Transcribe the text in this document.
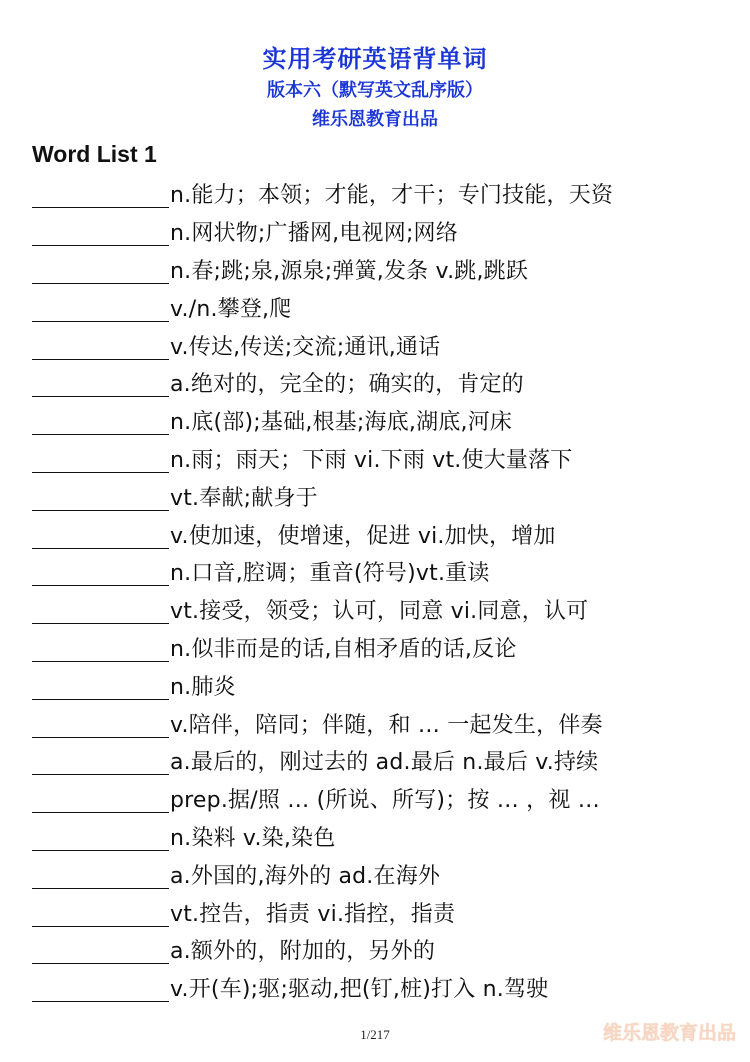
实用考研英语背单词
版本六（默写英文乱序版）
维乐恩教育出品
Word List 1
n.能力；本领；才能，才干；专门技能，天资
n.网状物;广播网,电视网;网络
n.春;跳;泉,源泉;弹簧,发条 v.跳,跳跃
v./n.攀登,爬
v.传达,传送;交流;通讯,通话
a.绝对的，完全的；确实的，肯定的
n.底(部);基础,根基;海底,湖底,河床
n.雨；雨天；下雨 vi.下雨 vt.使大量落下
vt.奉献;献身于
v.使加速，使增速，促进 vi.加快，增加
n.口音,腔调；重音(符号)vt.重读
vt.接受，领受；认可，同意 vi.同意，认可
n.似非而是的话,自相矛盾的话,反论
n.肺炎
v.陪伴，陪同；伴随，和 … 一起发生，伴奏
a.最后的，刚过去的 ad.最后 n.最后 v.持续
prep.据/照 … (所说、所写)；按 … ，视 …
n.染料 v.染,染色
a.外国的,海外的 ad.在海外
vt.控告，指责 vi.指控，指责
a.额外的，附加的，另外的
v.开(车);驱;驱动,把(钉,桩)打入 n.驾驶
1/217	维乐恩教育出品
